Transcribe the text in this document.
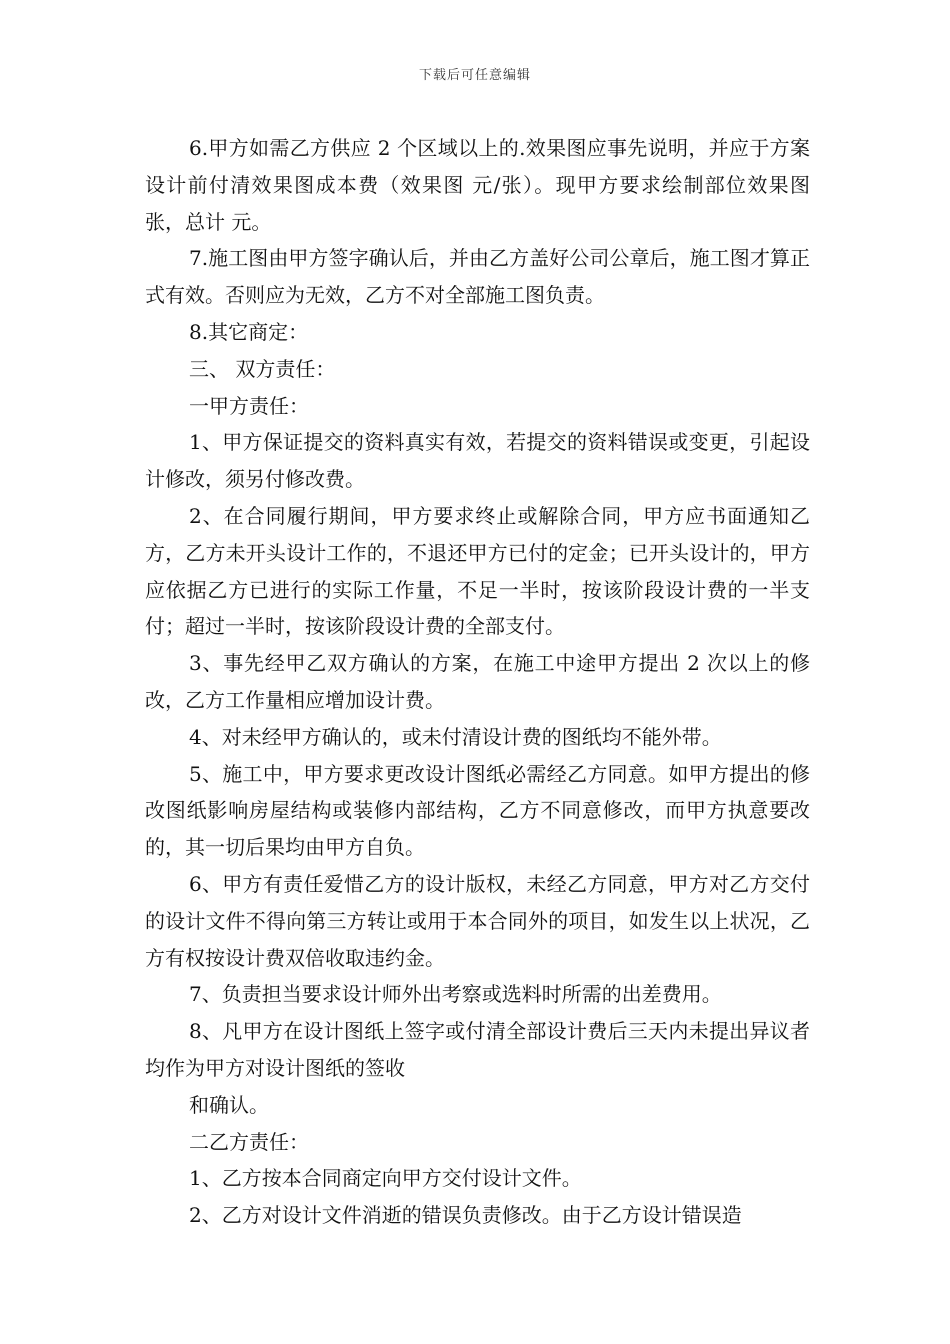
下载后可任意编辑

6.甲方如需乙方供应 2 个区域以上的.效果图应事先说明，并应于方案设计前付清效果图成本费（效果图 元/张）。现甲方要求绘制部位效果图 张，总计 元。

7.施工图由甲方签字确认后，并由乙方盖好公司公章后，施工图才算正式有效。否则应为无效，乙方不对全部施工图负责。

8.其它商定：

三、 双方责任：

一甲方责任：

1、甲方保证提交的资料真实有效，若提交的资料错误或变更，引起设计修改，须另付修改费。

2、在合同履行期间，甲方要求终止或解除合同，甲方应书面通知乙方，乙方未开头设计工作的，不退还甲方已付的定金；已开头设计的，甲方应依据乙方已进行的实际工作量，不足一半时，按该阶段设计费的一半支付；超过一半时，按该阶段设计费的全部支付。

3、事先经甲乙双方确认的方案，在施工中途甲方提出 2 次以上的修改，乙方工作量相应增加设计费。

4、对未经甲方确认的，或未付清设计费的图纸均不能外带。

5、施工中，甲方要求更改设计图纸必需经乙方同意。如甲方提出的修改图纸影响房屋结构或装修内部结构，乙方不同意修改，而甲方执意要改的，其一切后果均由甲方自负。

6、甲方有责任爱惜乙方的设计版权，未经乙方同意，甲方对乙方交付的设计文件不得向第三方转让或用于本合同外的项目，如发生以上状况，乙方有权按设计费双倍收取违约金。

7、负责担当要求设计师外出考察或选料时所需的出差费用。

8、凡甲方在设计图纸上签字或付清全部设计费后三天内未提出异议者均作为甲方对设计图纸的签收

和确认。

二乙方责任：

1、乙方按本合同商定向甲方交付设计文件。

2、乙方对设计文件消逝的错误负责修改。由于乙方设计错误造
